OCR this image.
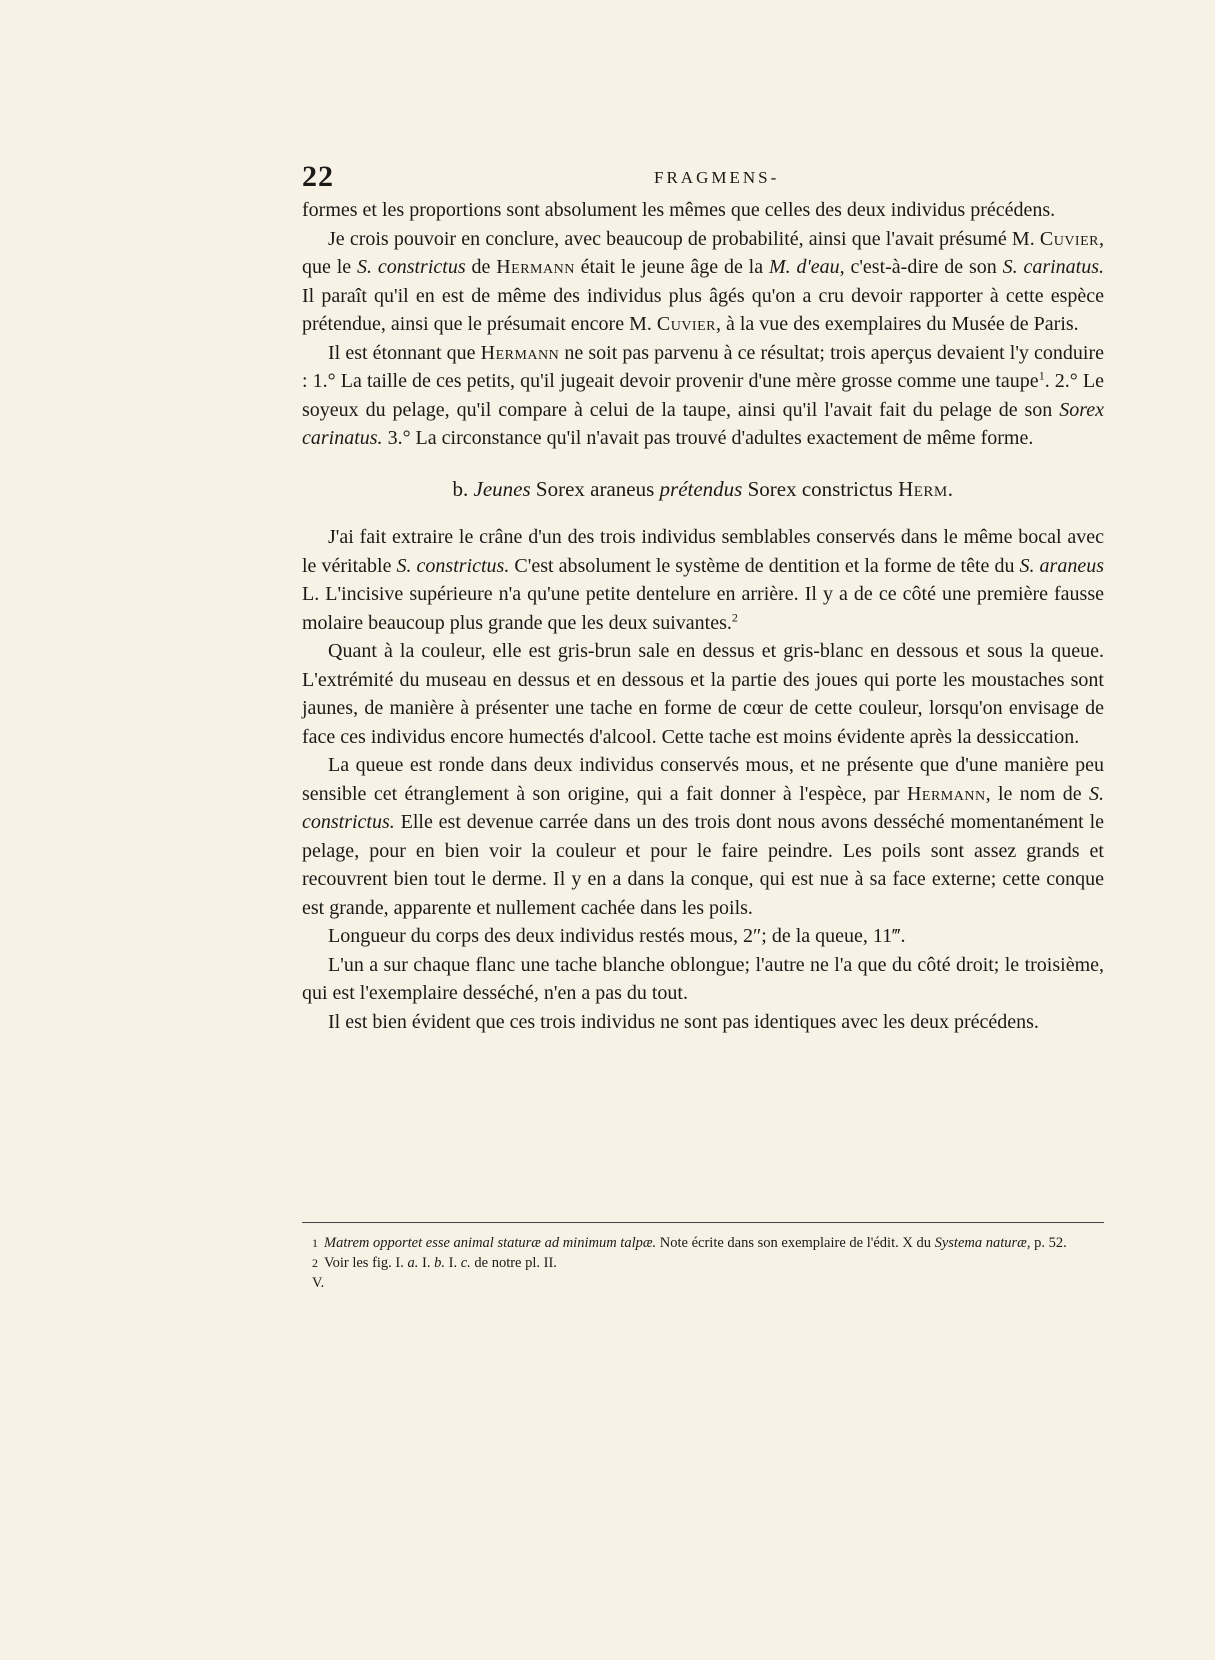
22	FRAGMENS-

formes et les proportions sont absolument les mêmes que celles des deux individus précédens.

Je crois pouvoir en conclure, avec beaucoup de probabilité, ainsi que l'avait présumé M. Cuvier, que le S. constrictus de Hermann était le jeune âge de la M. d'eau, c'est-à-dire de son S. carinatus. Il paraît qu'il en est de même des individus plus âgés qu'on a cru devoir rapporter à cette espèce prétendue, ainsi que le présumait encore M. Cuvier, à la vue des exemplaires du Musée de Paris.

Il est étonnant que Hermann ne soit pas parvenu à ce résultat; trois aperçus devaient l'y conduire : 1.° La taille de ces petits, qu'il jugeait devoir provenir d'une mère grosse comme une taupe$^1$. 2.° Le soyeux du pelage, qu'il compare à celui de la taupe, ainsi qu'il l'avait fait du pelage de son Sorex carinatus. 3.° La circonstance qu'il n'avait pas trouvé d'adultes exactement de même forme.

b. Jeunes Sorex araneus prétendus Sorex constrictus Herm.

J'ai fait extraire le crâne d'un des trois individus semblables conservés dans le même bocal avec le véritable S. constrictus. C'est absolument le système de dentition et la forme de tête du S. araneus L. L'incisive supérieure n'a qu'une petite dentelure en arrière. Il y a de ce côté une première fausse molaire beaucoup plus grande que les deux suivantes.$^2$

Quant à la couleur, elle est gris-brun sale en dessus et gris-blanc en dessous et sous la queue. L'extrémité du museau en dessus et en dessous et la partie des joues qui porte les moustaches sont jaunes, de manière à présenter une tache en forme de cœur de cette couleur, lorsqu'on envisage de face ces individus encore humectés d'alcool. Cette tache est moins évidente après la dessiccation.

La queue est ronde dans deux individus conservés mous, et ne présente que d'une manière peu sensible cet étranglement à son origine, qui a fait donner à l'espèce, par Hermann, le nom de S. constrictus. Elle est devenue carrée dans un des trois dont nous avons desséché momentanément le pelage, pour en bien voir la couleur et pour le faire peindre. Les poils sont assez grands et recouvrent bien tout le derme. Il y en a dans la conque, qui est nue à sa face externe; cette conque est grande, apparente et nullement cachée dans les poils.

Longueur du corps des deux individus restés mous, 2″; de la queue, 11‴.

L'un a sur chaque flanc une tache blanche oblongue; l'autre ne l'a que du côté droit; le troisième, qui est l'exemplaire desséché, n'en a pas du tout.

Il est bien évident que ces trois individus ne sont pas identiques avec les deux précédens.

1 Matrem opportet esse animal staturæ ad minimum talpæ. Note écrite dans son exemplaire de l'édit. X du Systema naturæ, p. 52.

2 Voir les fig. I. a. I. b. I. c. de notre pl. II.

V.
